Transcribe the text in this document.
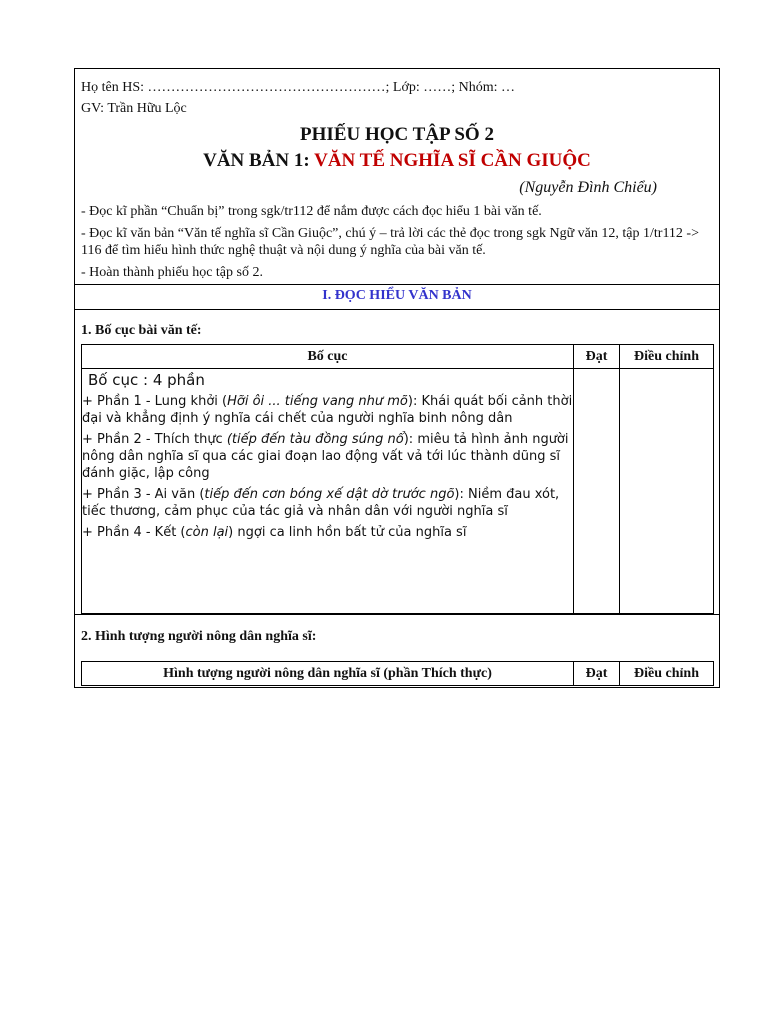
Họ tên HS: ……………………………………………; Lớp: ……; Nhóm: …
GV: Trần Hữu Lộc
PHIẾU HỌC TẬP SỐ 2
VĂN BẢN 1: VĂN TẾ NGHĨA SĨ CẦN GIUỘC
(Nguyễn Đình Chiểu)
- Đọc kĩ phần “Chuẩn bị” trong sgk/tr112 để nắm được cách đọc hiểu 1 bài văn tế.
- Đọc kĩ văn bản “Văn tế nghĩa sĩ Cần Giuộc”, chú ý – trả lời các thẻ đọc trong sgk Ngữ văn 12, tập 1/tr112 -> 116 để tìm hiểu hình thức nghệ thuật và nội dung ý nghĩa của bài văn tế.
- Hoàn thành phiếu học tập số 2.
I. ĐỌC HIỂU VĂN BẢN
1. Bố cục bài văn tế:
Bố cục	Đạt	Điều chỉnh

Bố cục : 4 phần

+ Phần 1 - Lung khởi (Hỡi ôi ... tiếng vang như mõ): Khái quát bối cảnh thời đại và khẳng định ý nghĩa cái chết của người nghĩa binh nông dân

+ Phần 2 - Thích thực (tiếp đến tàu đồng súng nổ): miêu tả hình ảnh người nông dân nghĩa sĩ qua các giai đoạn lao động vất vả tới lúc thành dũng sĩ đánh giặc, lập công

+ Phần 3 - Ai văn (tiếp đến cơn bóng xế dật dờ trước ngõ): Niềm đau xót, tiếc thương, cảm phục của tác giả và nhân dân với người nghĩa sĩ

+ Phần 4 - Kết (còn lại) ngợi ca linh hồn bất tử của nghĩa sĩ		

2. Hình tượng người nông dân nghĩa sĩ:
Hình tượng người nông dân nghĩa sĩ (phần Thích thực)	Đạt	Điều chỉnh
